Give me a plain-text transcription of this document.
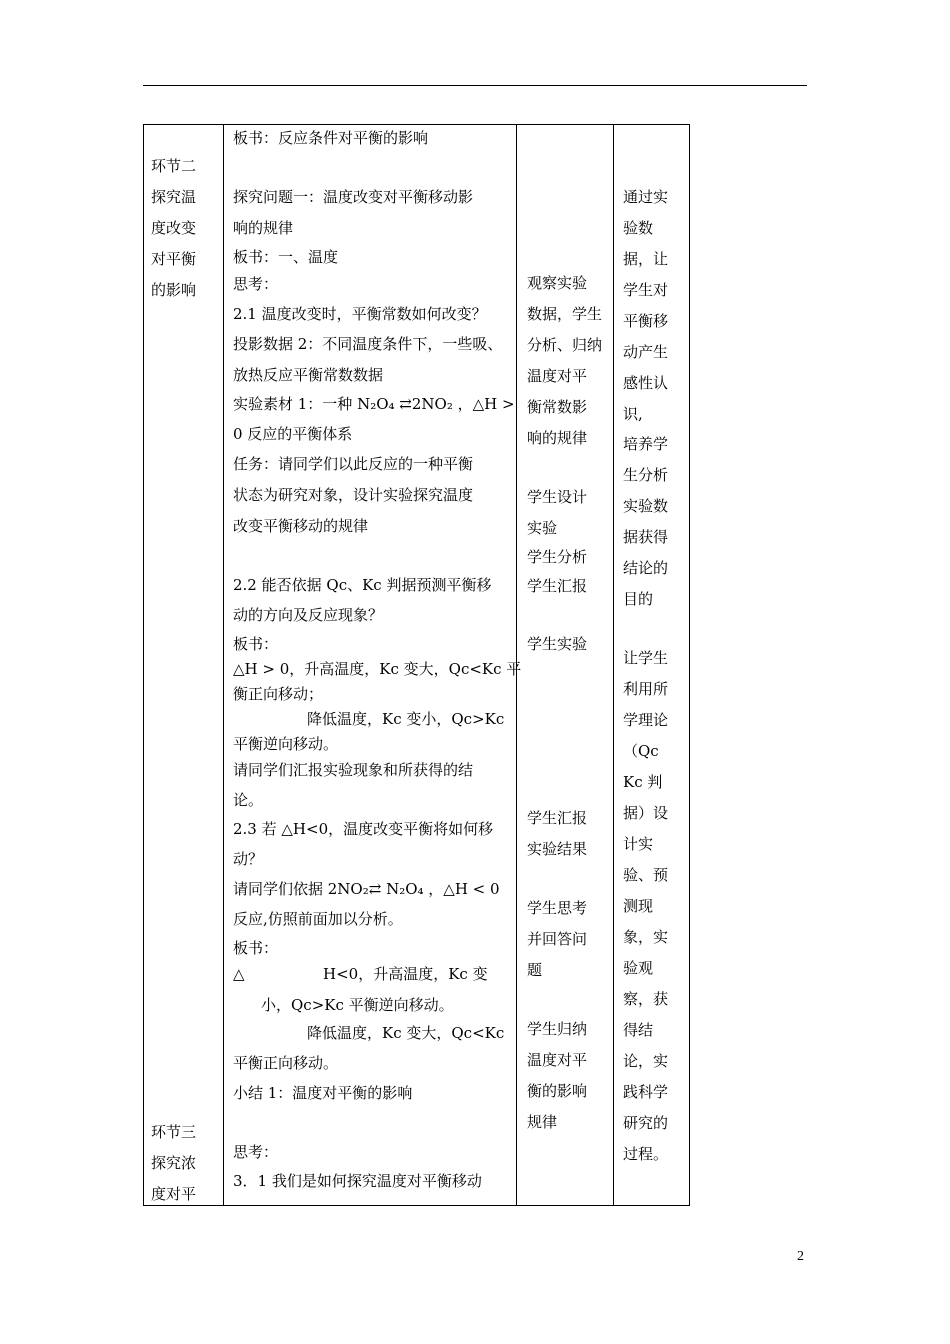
环节二
探究温
度改变
对平衡
的影响
环节三
探究浓
度对平
板书：反应条件对平衡的影响
探究问题一：温度改变对平衡移动影
响的规律
板书：一、温度
思考：
2.1 温度改变时，平衡常数如何改变？
投影数据 2：不同温度条件下，一些吸、
放热反应平衡常数数据
实验素材 1：一种 N₂O₄ ⇄2NO₂ ，△H >
0 反应的平衡体系
任务：请同学们以此反应的一种平衡
状态为研究对象，设计实验探究温度
改变平衡移动的规律
2.2 能否依据 Qc、Kc 判据预测平衡移
动的方向及反应现象？
板书：
△H > 0，升高温度，Kc 变大，Qc<Kc 平
衡正向移动；
降低温度，Kc 变小，Qc>Kc
平衡逆向移动。
请同学们汇报实验现象和所获得的结
论。
2.3 若 △H<0，温度改变平衡将如何移
动？
请同学们依据 2NO₂⇄ N₂O₄ ，△H < 0
反应,仿照前面加以分析。
板书：
△	H<0，升高温度，Kc 变
小，Qc>Kc 平衡逆向移动。
降低温度，Kc 变大，Qc<Kc
平衡正向移动。
小结 1：温度对平衡的影响
思考：
3．1 我们是如何探究温度对平衡移动
观察实验
数据，学生
分析、归纳
温度对平
衡常数影
响的规律
学生设计
实验
学生分析
学生汇报
学生实验
学生汇报
实验结果
学生思考
并回答问
题
学生归纳
温度对平
衡的影响
规律
通过实
验数
据，让
学生对
平衡移
动产生
感性认
识,
培养学
生分析
实验数
据获得
结论的
目的
让学生
利用所
学理论
（Qc
Kc 判
据）设
计实
验、预
测现
象，实
验观
察，获
得结
论，实
践科学
研究的
过程。
2
